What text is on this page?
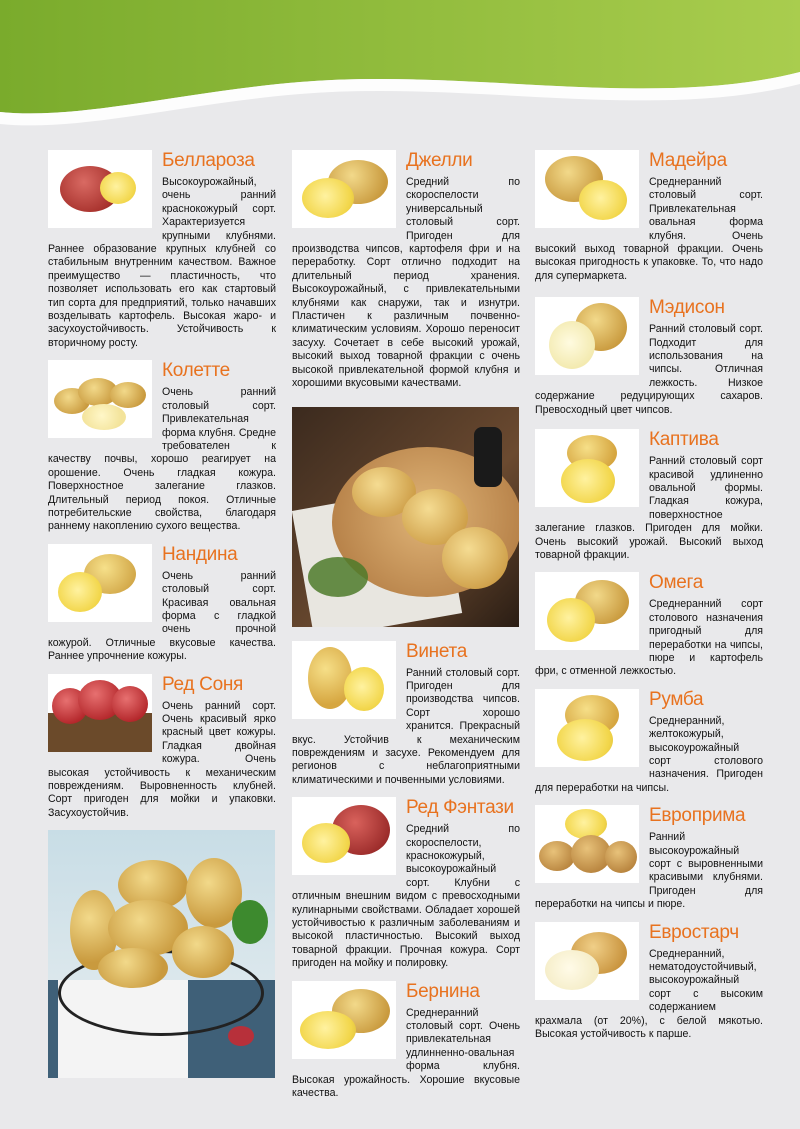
Беллароза

Высокоурожайный, очень ранний краснокожурый сорт. Характеризуется крупными клубнями. Раннее образование крупных клубней со стабильным внутренним качеством. Важное преимущество — пластичность, что позволяет использовать его как стартовый тип сорта для предприятий, только начавших возделывать картофель. Высокая жаро- и засухоустойчивость. Устойчивость к вторичному росту.

Колетте

Очень ранний столовый сорт. Привлекательная форма клубня. Средне требователен к качеству почвы, хорошо реагирует на орошение. Очень гладкая кожура. Поверхностное залегание глазков. Длительный период покоя. Отличные потребительские свойства, благодаря раннему накоплению сухого вещества.

Нандина

Очень ранний столовый сорт. Красивая овальная форма с гладкой очень прочной кожурой. Отличные вкусовые качества. Раннее упрочнение кожуры.

Ред Соня

Очень ранний сорт. Очень красивый ярко красный цвет кожуры. Гладкая двойная кожура. Очень высокая устойчивость к механическим повреждениям. Выровненность клубней. Сорт пригоден для мойки и упаковки. Засухоустойчив.

Джелли

Средний по скороспелости универсальный столовый сорт. Пригоден для производства чипсов, картофеля фри и на переработку. Сорт отлично подходит на длительный период хранения. Высокоурожайный, с привлекательными клубнями как снаружи, так и изнутри. Пластичен к различным почвенно-климатическим условиям. Хорошо переносит засуху. Сочетает в себе высокий урожай, высокий выход товарной фракции с очень высокой привлекательной формой клубня и хорошими вкусовыми качествами.

Винета

Ранний столовый сорт. Пригоден для производства чипсов. Сорт хорошо хранится. Прекрасный вкус. Устойчив к механическим повреждениям и засухе. Рекомендуем для регионов с неблагоприятными климатическими и почвенными условиями.

Ред Фэнтази

Средний по скороспелости, краснокожурый, высокоурожайный сорт. Клубни с отличным внешним видом с превосходными кулинарными свойствами. Обладает хорошей устойчивостью к различным заболеваниям и высокой пластичностью. Высокий выход товарной фракции. Прочная кожура. Сорт пригоден на мойку и полировку.

Бернина

Среднеранний столовый сорт. Очень привлекательная удлинненно-овальная форма клубня. Высокая урожайность. Хорошие вкусовые качества.

Мадейра

Среднеранний столовый сорт. Привлекательная овальная форма клубня. Очень высокий выход товарной фракции. Очень высокая пригодность к упаковке. То, что надо для супермаркета.

Мэдисон

Ранний столовый сорт. Подходит для использования на чипсы. Отличная лежкость. Низкое содержание редуцирующих сахаров. Превосходный цвет чипсов.

Каптива

Ранний столовый сорт красивой удлиненно овальной формы. Гладкая кожура, поверхностное залегание глазков. Пригоден для мойки. Очень высокий урожай. Высокий выход товарной фракции.

Омега

Среднеранний сорт столового назначения пригодный для переработки на чипсы, пюре и картофель фри, с отменной лежкостью.

Румба

Среднеранний, желтокожурый, высокоурожайный сорт столового назначения. Пригоден для переработки на чипсы.

Европрима

Ранний высокоурожайный сорт с выровненными красивыми клубнями. Пригоден для переработки на чипсы и пюре.

Евростарч

Среднеранний, нематодоустойчивый, высокоурожайный сорт с высоким содержанием крахмала (от 20%), с белой мякотью. Высокая устойчивость к парше.
